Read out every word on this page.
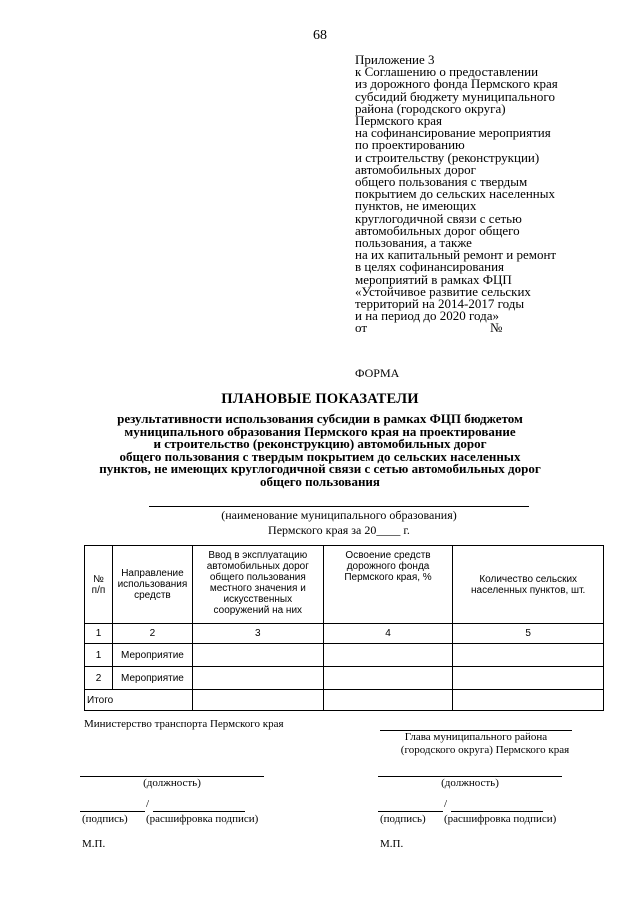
68
Приложение 3
к Соглашению о предоставлении
из дорожного фонда Пермского края
субсидий бюджету муниципального
района (городского округа)
Пермского края
на софинансирование мероприятия
по проектированию
и строительству (реконструкции)
автомобильных дорог
общего пользования с твердым
покрытием до сельских населенных
пунктов, не имеющих
круглогодичной связи с сетью
автомобильных дорог общего
пользования, а также
на их капитальный ремонт и ремонт
в целях софинансирования
мероприятий в рамках ФЦП
«Устойчивое развитие сельских
территорий на 2014-2017 годы
и на период до 2020 года»
от	№
ФОРМА
ПЛАНОВЫЕ ПОКАЗАТЕЛИ
результативности использования субсидии в рамках ФЦП бюджетом
муниципального образования Пермского края на проектирование
и строительство (реконструкцию) автомобильных дорог
общего пользования с твердым покрытием до сельских населенных
пунктов, не имеющих круглогодичной связи с сетью автомобильных дорог
общего пользования
(наименование муниципального образования)
Пермского края за 20____ г.
№ п/п	Направление использования средств	Ввод в эксплуатацию автомобильных дорог общего пользования местного значения и искусственных сооружений на них	Освоение средств дорожного фонда Пермского края, %	Количество сельских населенных пунктов, шт.
1	2	3	4	5
1	Мероприятие			
2	Мероприятие			
Итого				
Министерство транспорта Пермского края
(должность)
/
(подпись) (расшифровка подписи)
М.П.
Глава муниципального района
(городского округа) Пермского края
(должность)
/
(подпись) (расшифровка подписи)
М.П.
